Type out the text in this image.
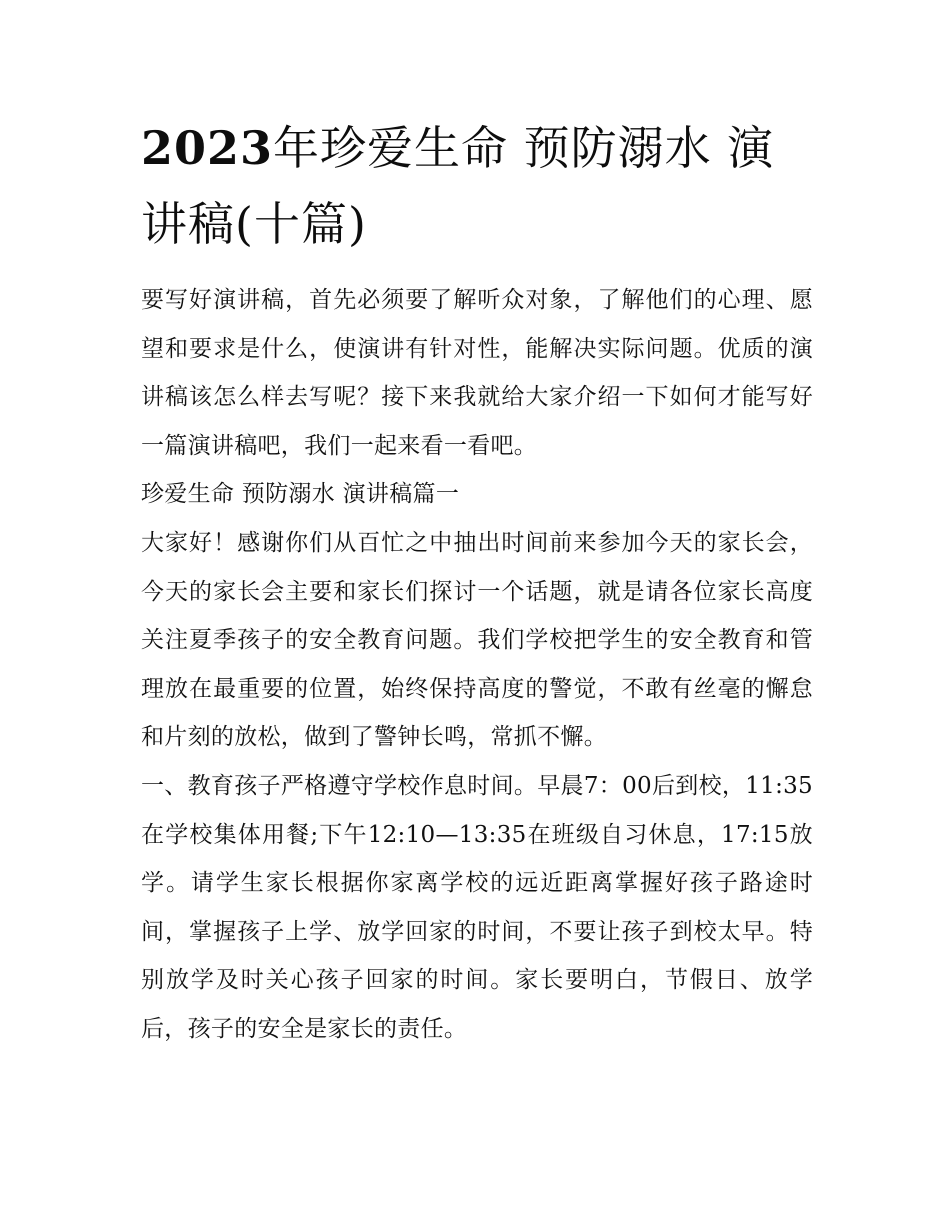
2023年珍爱生命 预防溺水 演讲稿(十篇)

要写好演讲稿，首先必须要了解听众对象，了解他们的心理、愿望和要求是什么，使演讲有针对性，能解决实际问题。优质的演讲稿该怎么样去写呢？接下来我就给大家介绍一下如何才能写好一篇演讲稿吧，我们一起来看一看吧。

珍爱生命 预防溺水 演讲稿篇一

大家好！感谢你们从百忙之中抽出时间前来参加今天的家长会，今天的家长会主要和家长们探讨一个话题，就是请各位家长高度关注夏季孩子的安全教育问题。我们学校把学生的安全教育和管理放在最重要的位置，始终保持高度的警觉，不敢有丝毫的懈怠和片刻的放松，做到了警钟长鸣，常抓不懈。

一、教育孩子严格遵守学校作息时间。早晨7：00后到校，11:35在学校集体用餐;下午12:10—13:35在班级自习休息，17:15放学。请学生家长根据你家离学校的远近距离掌握好孩子路途时间，掌握孩子上学、放学回家的时间，不要让孩子到校太早。特别放学及时关心孩子回家的时间。家长要明白，节假日、放学后，孩子的安全是家长的责任。
